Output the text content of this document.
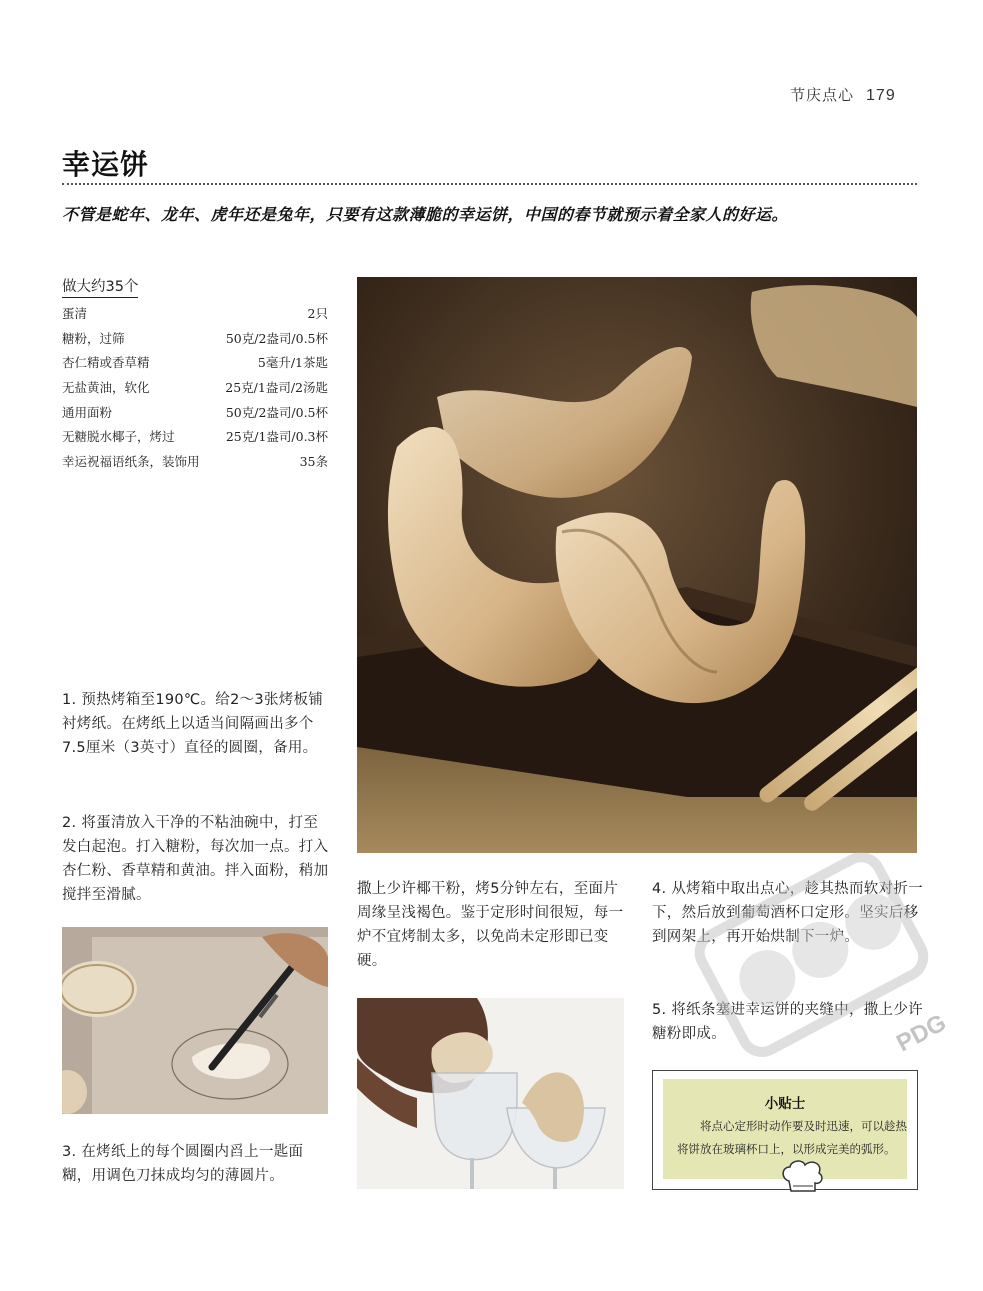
节庆点心 179
幸运饼
不管是蛇年、龙年、虎年还是兔年，只要有这款薄脆的幸运饼，中国的春节就预示着全家人的好运。
做大约35个
蛋清	2只
糖粉，过筛	50克/2盎司/0.5杯
杏仁精或香草精	5毫升/1茶匙
无盐黄油，软化	25克/1盎司/2汤匙
通用面粉	50克/2盎司/0.5杯
无糖脱水椰子，烤过	25克/1盎司/0.3杯
幸运祝福语纸条，装饰用	35条
1. 预热烤箱至190℃。给2～3张烤板铺衬烤纸。在烤纸上以适当间隔画出多个7.5厘米（3英寸）直径的圆圈，备用。
2. 将蛋清放入干净的不粘油碗中，打至发白起泡。打入糖粉，每次加一点。打入杏仁粉、香草精和黄油。拌入面粉，稍加搅拌至滑腻。
3. 在烤纸上的每个圆圈内舀上一匙面糊，用调色刀抹成均匀的薄圆片。
撒上少许椰干粉，烤5分钟左右，至面片周缘呈浅褐色。鉴于定形时间很短，每一炉不宜烤制太多，以免尚未定形即已变硬。
4. 从烤箱中取出点心，趁其热而软对折一下，然后放到葡萄酒杯口定形。坚实后移到网架上，再开始烘制下一炉。
5. 将纸条塞进幸运饼的夹缝中，撒上少许糖粉即成。
小贴士
将点心定形时动作要及时迅速，可以趁热将饼放在玻璃杯口上，以形成完美的弧形。
PDG
